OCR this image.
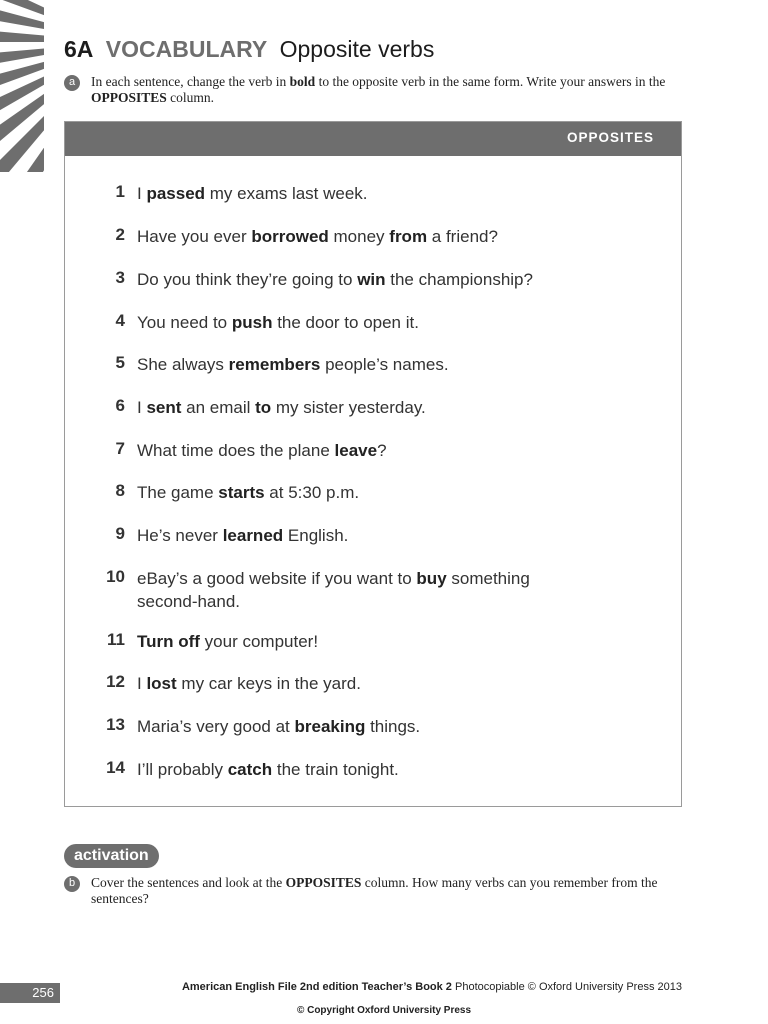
6A VOCABULARY Opposite verbs
a	In each sentence, change the verb in bold to the opposite verb in the same form. Write your answers in the OPPOSITES column.
OPPOSITES
1 I passed my exams last week.
2 Have you ever borrowed money from a friend?
3 Do you think they’re going to win the championship?
4 You need to push the door to open it.
5 She always remembers people’s names.
6 I sent an email to my sister yesterday.
7 What time does the plane leave?
8 The game starts at 5:30 p.m.
9 He’s never learned English.
10 eBay’s a good website if you want to buy something second-hand.
11 Turn off your computer!
12 I lost my car keys in the yard.
13 Maria’s very good at breaking things.
14 I’ll probably catch the train tonight.
activation
b	Cover the sentences and look at the OPPOSITES column. How many verbs can you remember from the sentences?
256	American English File 2nd edition Teacher’s Book 2 Photocopiable © Oxford University Press 2013
© Copyright Oxford University Press
